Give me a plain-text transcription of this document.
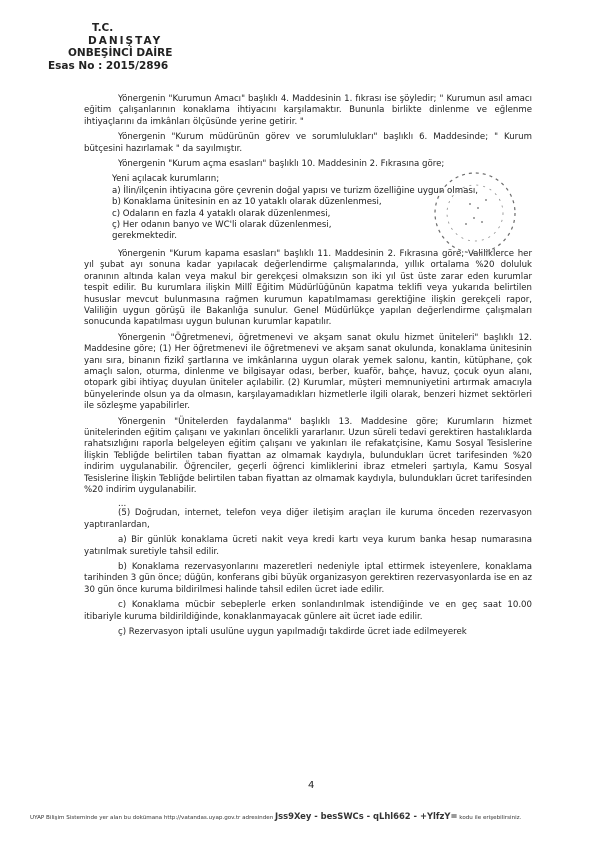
T.C.
DANIŞTAY
ONBEŞİNCİ DAİRE
Esas No : 2015/2896

Yönergenin "Kurumun Amacı" başlıklı 4. Maddesinin 1. fıkrası ise şöyledir; " Kurumun asıl amacı eğitim çalışanlarının konaklama ihtiyacını karşılamaktır. Bununla birlikte dinlenme ve eğlenme ihtiyaçlarını da imkânları ölçüsünde yerine getirir. "

Yönergenin "Kurum müdürünün görev ve sorumlulukları" başlıklı 6. Maddesinde; " Kurum bütçesini hazırlamak " da sayılmıştır.

Yönergenin "Kurum açma esasları" başlıklı 10. Maddesinin 2. Fıkrasına göre;

Yeni açılacak kurumların;

a) İlin/ilçenin ihtiyacına göre çevrenin doğal yapısı ve turizm özelliğine uygun olması,

b) Konaklama ünitesinin en az 10 yataklı olarak düzenlenmesi,

c) Odaların en fazla 4 yataklı olarak düzenlenmesi,

ç) Her odanın banyo ve WC'li olarak düzenlenmesi,

gerekmektedir.

Yönergenin "Kurum kapama esasları" başlıklı 11. Maddesinin 2. Fıkrasına göre; Valiliklerce her yıl şubat ayı sonuna kadar yapılacak değerlendirme çalışmalarında, yıllık ortalama %20 doluluk oranının altında kalan veya makul bir gerekçesi olmaksızın son iki yıl üst üste zarar eden kurumlar tespit edilir. Bu kurumlara ilişkin Millî Eğitim Müdürlüğünün kapatma teklifi veya yukarıda belirtilen hususlar mevcut bulunmasına rağmen kurumun kapatılmaması gerektiğine ilişkin gerekçeli rapor, Valiliğin uygun görüşü ile Bakanlığa sunulur. Genel Müdürlükçe yapılan değerlendirme çalışmaları sonucunda kapatılması uygun bulunan kurumlar kapatılır.

Yönergenin "Öğretmenevi, öğretmenevi ve akşam sanat okulu hizmet üniteleri" başlıklı 12. Maddesine göre; (1) Her öğretmenevi ile öğretmenevi ve akşam sanat okulunda, konaklama ünitesinin yanı sıra, binanın fizikî şartlarına ve imkânlarına uygun olarak yemek salonu, kantin, kütüphane, çok amaçlı salon, oturma, dinlenme ve bilgisayar odası, berber, kuaför, bahçe, havuz, çocuk oyun alanı, otopark gibi ihtiyaç duyulan üniteler açılabilir. (2) Kurumlar, müşteri memnuniyetini artırmak amacıyla bünyelerinde olsun ya da olmasın, karşılayamadıkları hizmetlerle ilgili olarak, benzeri hizmet sektörleri ile sözleşme yapabilirler.

Yönergenin "Ünitelerden faydalanma" başlıklı 13. Maddesine göre; Kurumların hizmet ünitelerinden eğitim çalışanı ve yakınları öncelikli yararlanır. Uzun süreli tedavi gerektiren hastalıklarda rahatsızlığını raporla belgeleyen eğitim çalışanı ve yakınları ile refakatçisine, Kamu Sosyal Tesislerine İlişkin Tebliğde belirtilen taban fiyattan az olmamak kaydıyla, bulundukları ücret tarifesinden %20 indirim uygulanabilir. Öğrenciler, geçerli öğrenci kimliklerini ibraz etmeleri şartıyla, Kamu Sosyal Tesislerine İlişkin Tebliğde belirtilen taban fiyattan az olmamak kaydıyla, bulundukları ücret tarifesinden %20 indirim uygulanabilir.

...

(5) Doğrudan, internet, telefon veya diğer iletişim araçları ile kuruma önceden rezervasyon yaptıranlardan,

a) Bir günlük konaklama ücreti nakit veya kredi kartı veya kurum banka hesap numarasına yatırılmak suretiyle tahsil edilir.

b) Konaklama rezervasyonlarını mazeretleri nedeniyle iptal ettirmek isteyenlere, konaklama tarihinden 3 gün önce; düğün, konferans gibi büyük organizasyon gerektiren rezervasyonlarda ise en az 30 gün önce kuruma bildirilmesi halinde tahsil edilen ücret iade edilir.

c) Konaklama mücbir sebeplerle erken sonlandırılmak istendiğinde ve en geç saat 10.00 itibariyle kuruma bildirildiğinde, konaklanmayacak günlere ait ücret iade edilir.

ç) Rezervasyon iptali usulüne uygun yapılmadığı takdirde ücret iade edilmeyerek

4
UYAP Bilişim Sisteminde yer alan bu dokümana http://vatandas.uyap.gov.tr adresinden Jss9Xey - besSWCs - qLhl662 - +YlfzY= kodu ile erişebilirsiniz.
